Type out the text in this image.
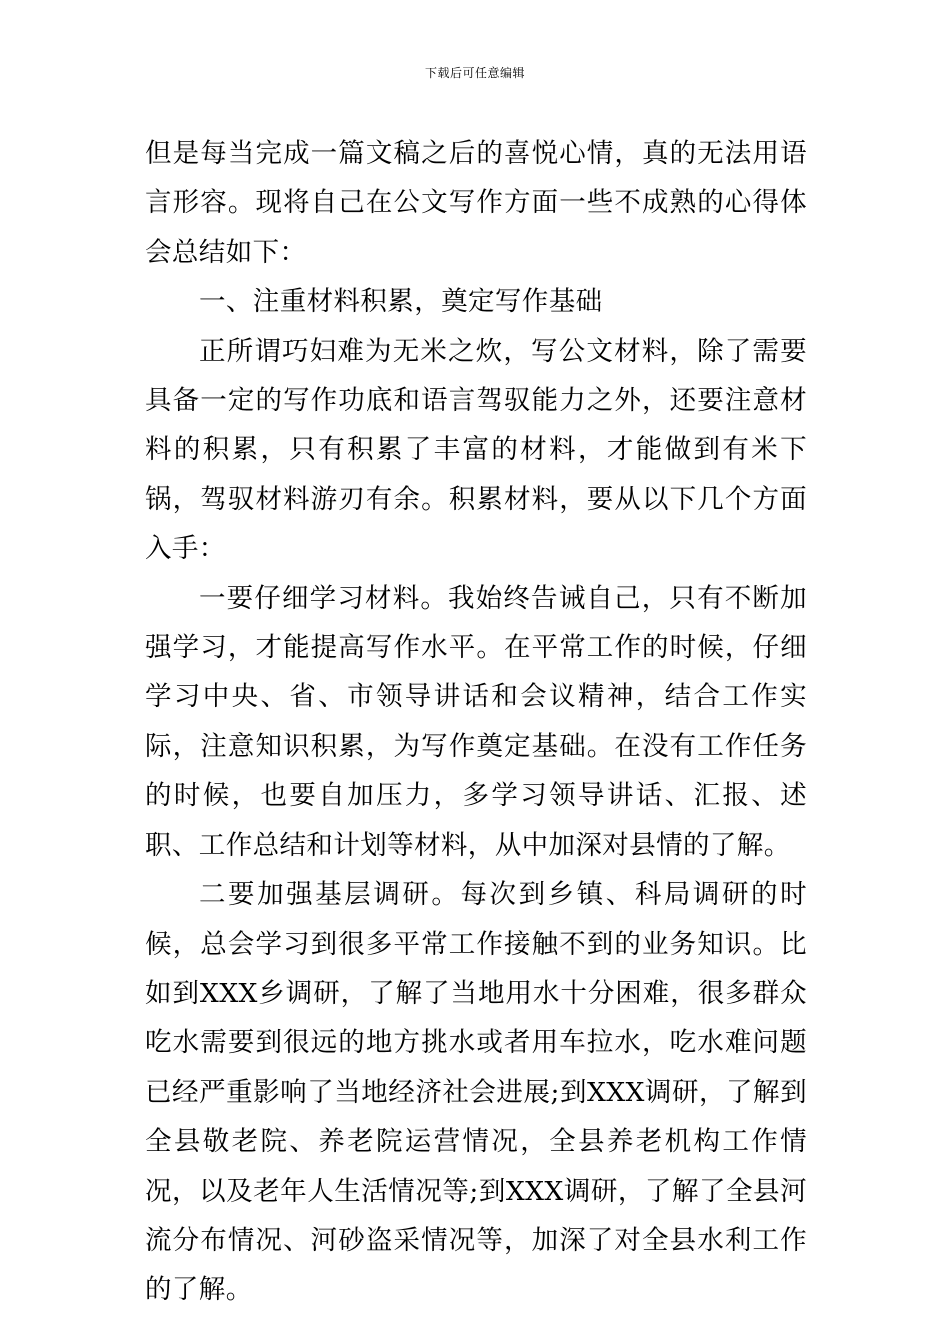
下载后可任意编辑

但是每当完成一篇文稿之后的喜悦心情，真的无法用语言形容。现将自己在公文写作方面一些不成熟的心得体会总结如下：

一、注重材料积累，奠定写作基础

正所谓巧妇难为无米之炊，写公文材料，除了需要具备一定的写作功底和语言驾驭能力之外，还要注意材料的积累，只有积累了丰富的材料，才能做到有米下锅，驾驭材料游刃有余。积累材料，要从以下几个方面入手：

一要仔细学习材料。我始终告诫自己，只有不断加强学习，才能提高写作水平。在平常工作的时候，仔细学习中央、省、市领导讲话和会议精神，结合工作实际，注意知识积累，为写作奠定基础。在没有工作任务的时候，也要自加压力，多学习领导讲话、汇报、述职、工作总结和计划等材料，从中加深对县情的了解。

二要加强基层调研。每次到乡镇、科局调研的时候，总会学习到很多平常工作接触不到的业务知识。比如到XXX乡调研，了解了当地用水十分困难，很多群众吃水需要到很远的地方挑水或者用车拉水，吃水难问题已经严重影响了当地经济社会进展;到XXX调研，了解到全县敬老院、养老院运营情况，全县养老机构工作情况，以及老年人生活情况等;到XXX调研，了解了全县河流分布情况、河砂盗采情况等，加深了对全县水利工作的了解。
